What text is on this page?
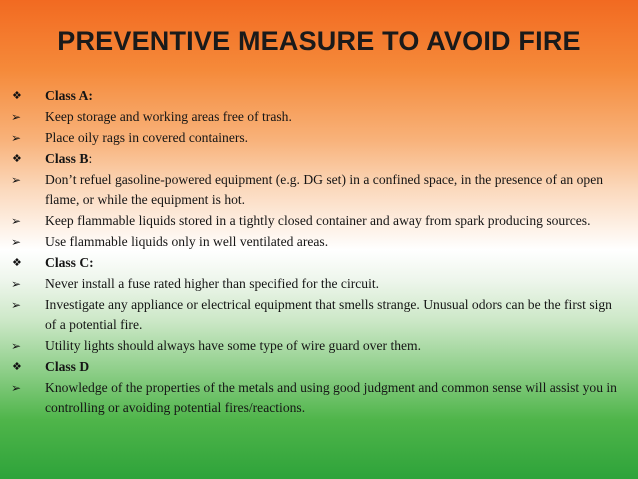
PREVENTIVE MEASURE TO AVOID FIRE
❖	Class A:
➢	Keep storage and working areas free of trash.
➢	Place oily rags in covered containers.
❖	Class B:
➢	Don’t refuel gasoline-powered equipment (e.g. DG set) in a confined space, in the presence of an open flame, or while the equipment is hot.
➢	Keep flammable liquids stored in a tightly closed container and away from spark producing sources.
➢	Use flammable liquids only in well ventilated areas.
❖	Class C:
➢	Never install a fuse rated higher than specified for the circuit.
➢	Investigate any appliance or electrical equipment that smells strange. Unusual odors can be the first sign of a potential fire.
➢	Utility lights should always have some type of wire guard over them.
❖	Class D
➢	Knowledge of the properties of the metals and using good judgment and common sense will assist you in controlling or avoiding potential fires/reactions.
